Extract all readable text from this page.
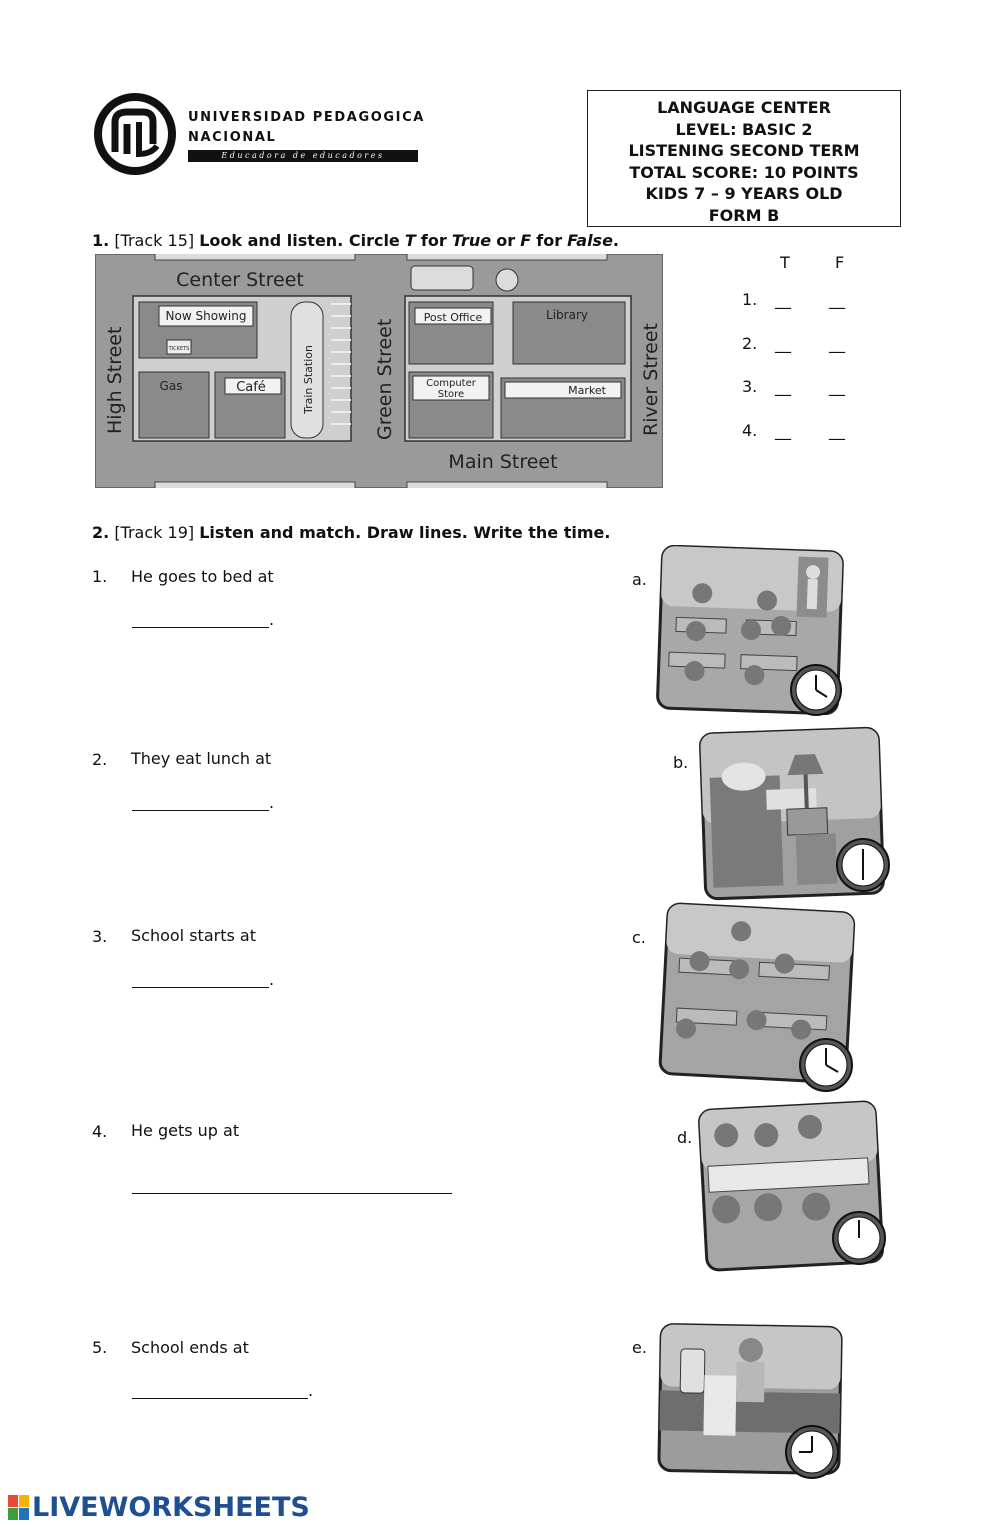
UNIVERSIDAD PEDAGOGICA
NACIONAL
Educadora de educadores
LANGUAGE CENTER
LEVEL: BASIC 2
LISTENING SECOND TERM
TOTAL SCORE: 10 POINTS
KIDS 7 – 9 YEARS OLD
FORM B
1. [Track 15] Look and listen. Circle T for True or F for False.
Now Showing
TICKETS	Train Station
Gas	Café
Post Office	Library
Computer
Store	Market
Center Street
Main Street
High Street	Green Street	River Street
T	F
1. __ __
2. __ __
3. __ __
4. __ __
2. [Track 19] Listen and match. Draw lines. Write the time.
1. He goes to bed at
.
2. They eat lunch at
.
3. School starts at
.
4. He gets up at
5. School ends at
.
a.
b.
c.
d.
e.
LIVEWORKSHEETS
